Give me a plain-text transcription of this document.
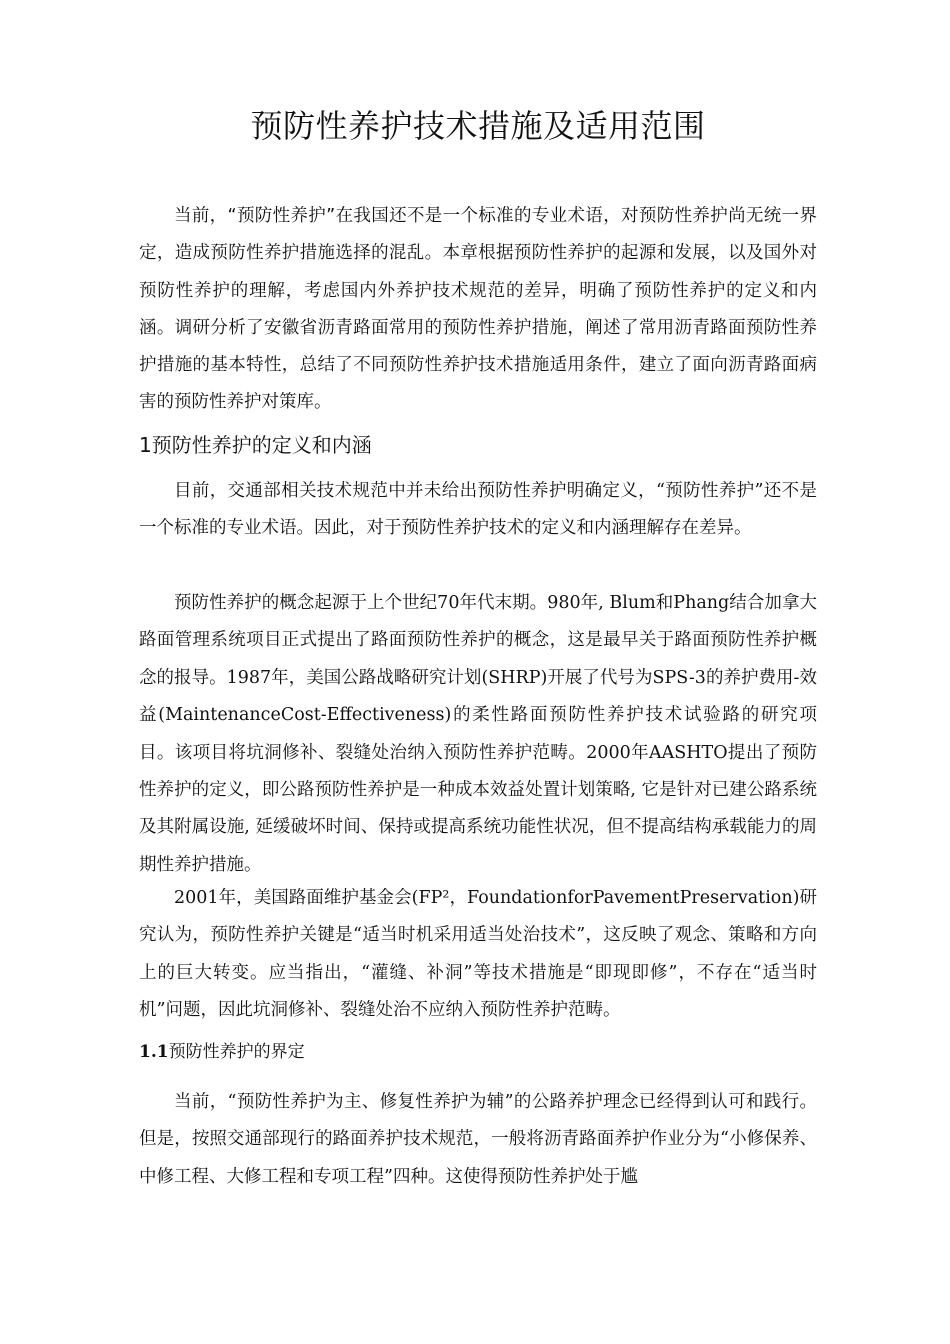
预防性养护技术措施及适用范围

当前，“预防性养护”在我国还不是一个标准的专业术语，对预防性养护尚无统一界定，造成预防性养护措施选择的混乱。本章根据预防性养护的起源和发展，以及国外对预防性养护的理解，考虑国内外养护技术规范的差异，明确了预防性养护的定义和内涵。调研分析了安徽省沥青路面常用的预防性养护措施，阐述了常用沥青路面预防性养护措施的基本特性，总结了不同预防性养护技术措施适用条件，建立了面向沥青路面病害的预防性养护对策库。

1预防性养护的定义和内涵

目前，交通部相关技术规范中并未给出预防性养护明确定义，“预防性养护”还不是一个标准的专业术语。因此，对于预防性养护技术的定义和内涵理解存在差异。

预防性养护的概念起源于上个世纪70年代末期。980年, Blum和Phang结合加拿大路面管理系统项目正式提出了路面预防性养护的概念，这是最早关于路面预防性养护概念的报导。1987年，美国公路战略研究计划(SHRP)开展了代号为SPS-3的养护费用-效益(MaintenanceCost-Effectiveness)的柔性路面预防性养护技术试验路的研究项目。该项目将坑洞修补、裂缝处治纳入预防性养护范畴。2000年AASHTO提出了预防性养护的定义，即公路预防性养护是一种成本效益处置计划策略, 它是针对已建公路系统及其附属设施, 延缓破坏时间、保持或提高系统功能性状况，但不提高结构承载能力的周期性养护措施。

2001年，美国路面维护基金会(FP²，FoundationforPavementPreservation)研究认为，预防性养护关键是“适当时机采用适当处治技术”，这反映了观念、策略和方向上的巨大转变。应当指出，“灌缝、补洞”等技术措施是“即现即修”，不存在“适当时机”问题，因此坑洞修补、裂缝处治不应纳入预防性养护范畴。

1.1预防性养护的界定

当前，“预防性养护为主、修复性养护为辅”的公路养护理念已经得到认可和践行。但是，按照交通部现行的路面养护技术规范，一般将沥青路面养护作业分为“小修保养、中修工程、大修工程和专项工程”四种。这使得预防性养护处于尴
